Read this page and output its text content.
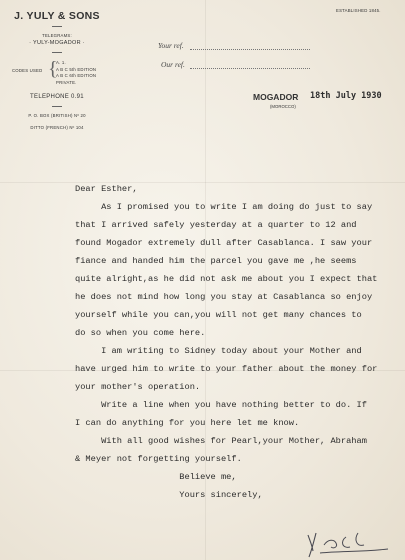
J. YULY & SONS
TELEGRAMS:
· YULY-MOGADOR ·
CODES USED {
A. 1.
A B C 5th EDITION
A B C 6th EDITION
PRIVATE.
TELEPHONE 0.91
P. O. BOX (BRITISH) Nº 20
DITTO (FRENCH) Nº 104
ESTABLISHED 1845.
Your ref.
Our ref.
MOGADOR
(MOROCCO)
18th July 1930
Dear Esther,
As I promised you to write I am doing do just to say
that I arrived safely yesterday at a quarter to 12 and
found Mogador extremely dull after Casablanca. I saw your
fiance and handed him the parcel you gave me ,he seems
quite alright,as he did not ask me about you I expect that
he does not mind how long you stay at Casablanca so enjoy
yourself while you can,you will not get many chances to
do so when you come here.
I am writing to Sidney today about your Mother and
have urged him to write to your father about the money for
your mother's operation.
Write a line when you have nothing better to do. If
I can do anything for you here let me know.
With all good wishes for Pearl,your Mother, Abraham
& Meyer not forgetting yourself.
Believe me,
Yours sincerely,
